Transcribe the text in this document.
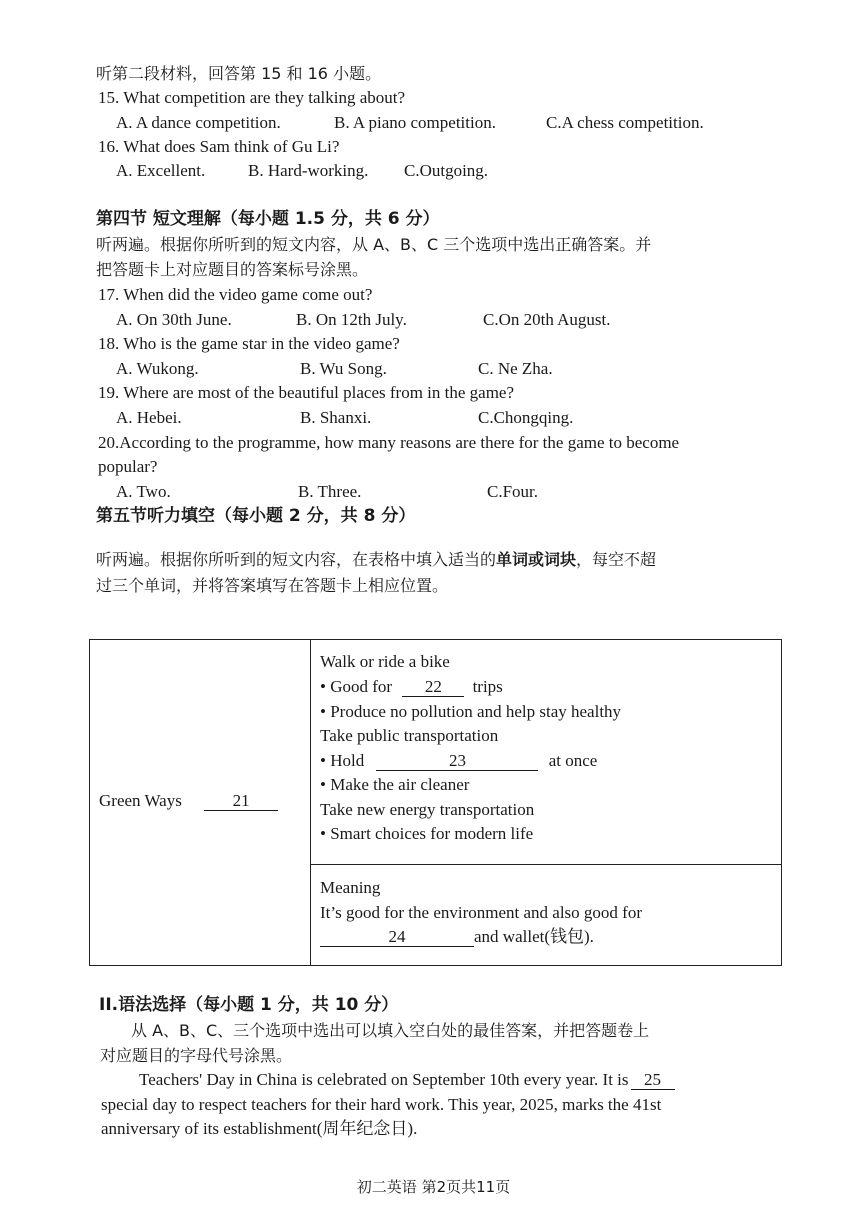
听第二段材料，回答第 15 和 16 小题。
15. What competition are they talking about?
A. A dance competition.	B. A piano competition.	C.A chess competition.
16. What does Sam think of Gu Li?
A. Excellent.	B. Hard-working. C.Outgoing.
第四节 短文理解（每小题 1.5 分，共 6 分）
听两遍。根据你所听到的短文内容，从 A、B、C 三个选项中选出正确答案。并
把答题卡上对应题目的答案标号涂黑。
17. When did the video game come out?
A. On 30th June.	B. On 12th July.	C.On 20th August.
18. Who is the game star in the video game?
A. Wukong.	B. Wu Song.	C. Ne Zha.
19. Where are most of the beautiful places from in the game?
A. Hebei.	B. Shanxi.	C.Chongqing.
20.According to the programme, how many reasons are there for the game to become
popular?
A. Two.	B. Three.	C.Four.
第五节听力填空（每小题 2 分，共 8 分）
听两遍。根据你所听到的短文内容，在表格中填入适当的单词或词块，每空不超
过三个单词，并将答案填写在答题卡上相应位置。
Green Ways	21
Walk or ride a bike
• Good for 22 trips
• Produce no pollution and help stay healthy
Take public transportation
• Hold	23	at once
• Make the air cleaner
Take new energy transportation
• Smart choices for modern life
Meaning
It’s good for the environment and also good for
24	and wallet(钱包).
II.语法选择（每小题 1 分，共 10 分）
从 A、B、C、三个选项中选出可以填入空白处的最佳答案，并把答题卷上
对应题目的字母代号涂黑。
Teachers' Day in China is celebrated on September 10th every year. It is 25
special day to respect teachers for their hard work. This year, 2025, marks the 41st
anniversary of its establishment(周年纪念日).
初二英语 第2页共11页
